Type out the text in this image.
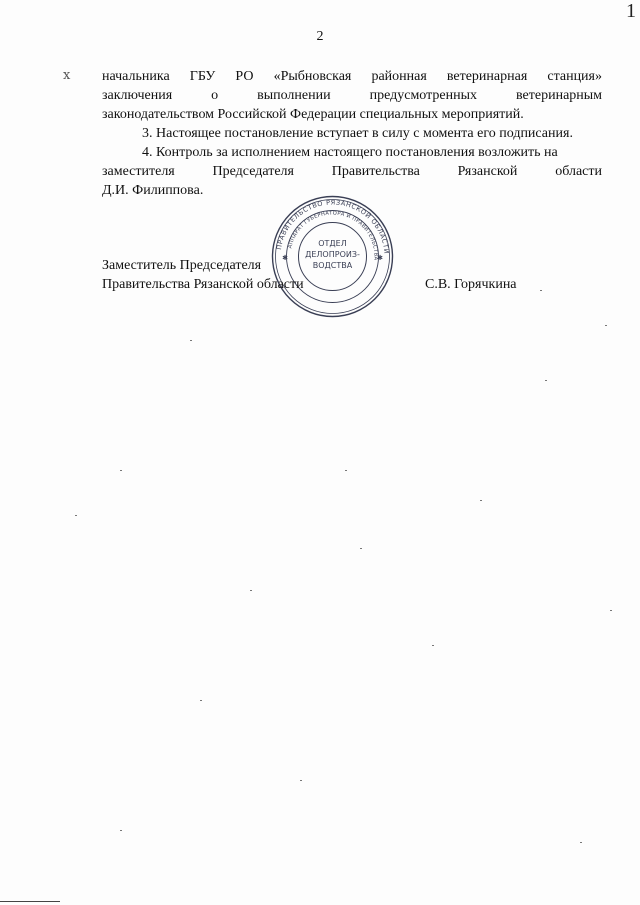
1
2
ⅹ начальника ГБУ РО «Рыбновская районная ветеринарная станция»
заключения	о	выполнении	предусмотренных	ветеринарным
законодательством Российской Федерации специальных мероприятий.
3. Настоящее постановление вступает в силу с момента его подписания.
4. Контроль за исполнением настоящего постановления возложить на
заместителя	Председателя	Правительства	Рязанской	области
Д.И. Филиппова.
ПРАВИТЕЛЬСТВО РЯЗАНСКОЙ ОБЛАСТИ
АППАРАТ ГУБЕРНАТОРА И ПРАВИТЕЛЬСТВА
ОТДЕЛ
ДЕЛОПРОИЗ-
ВОДСТВА
✱
✱
Заместитель Председателя
Правительства Рязанской области	С.В. Горячкина
